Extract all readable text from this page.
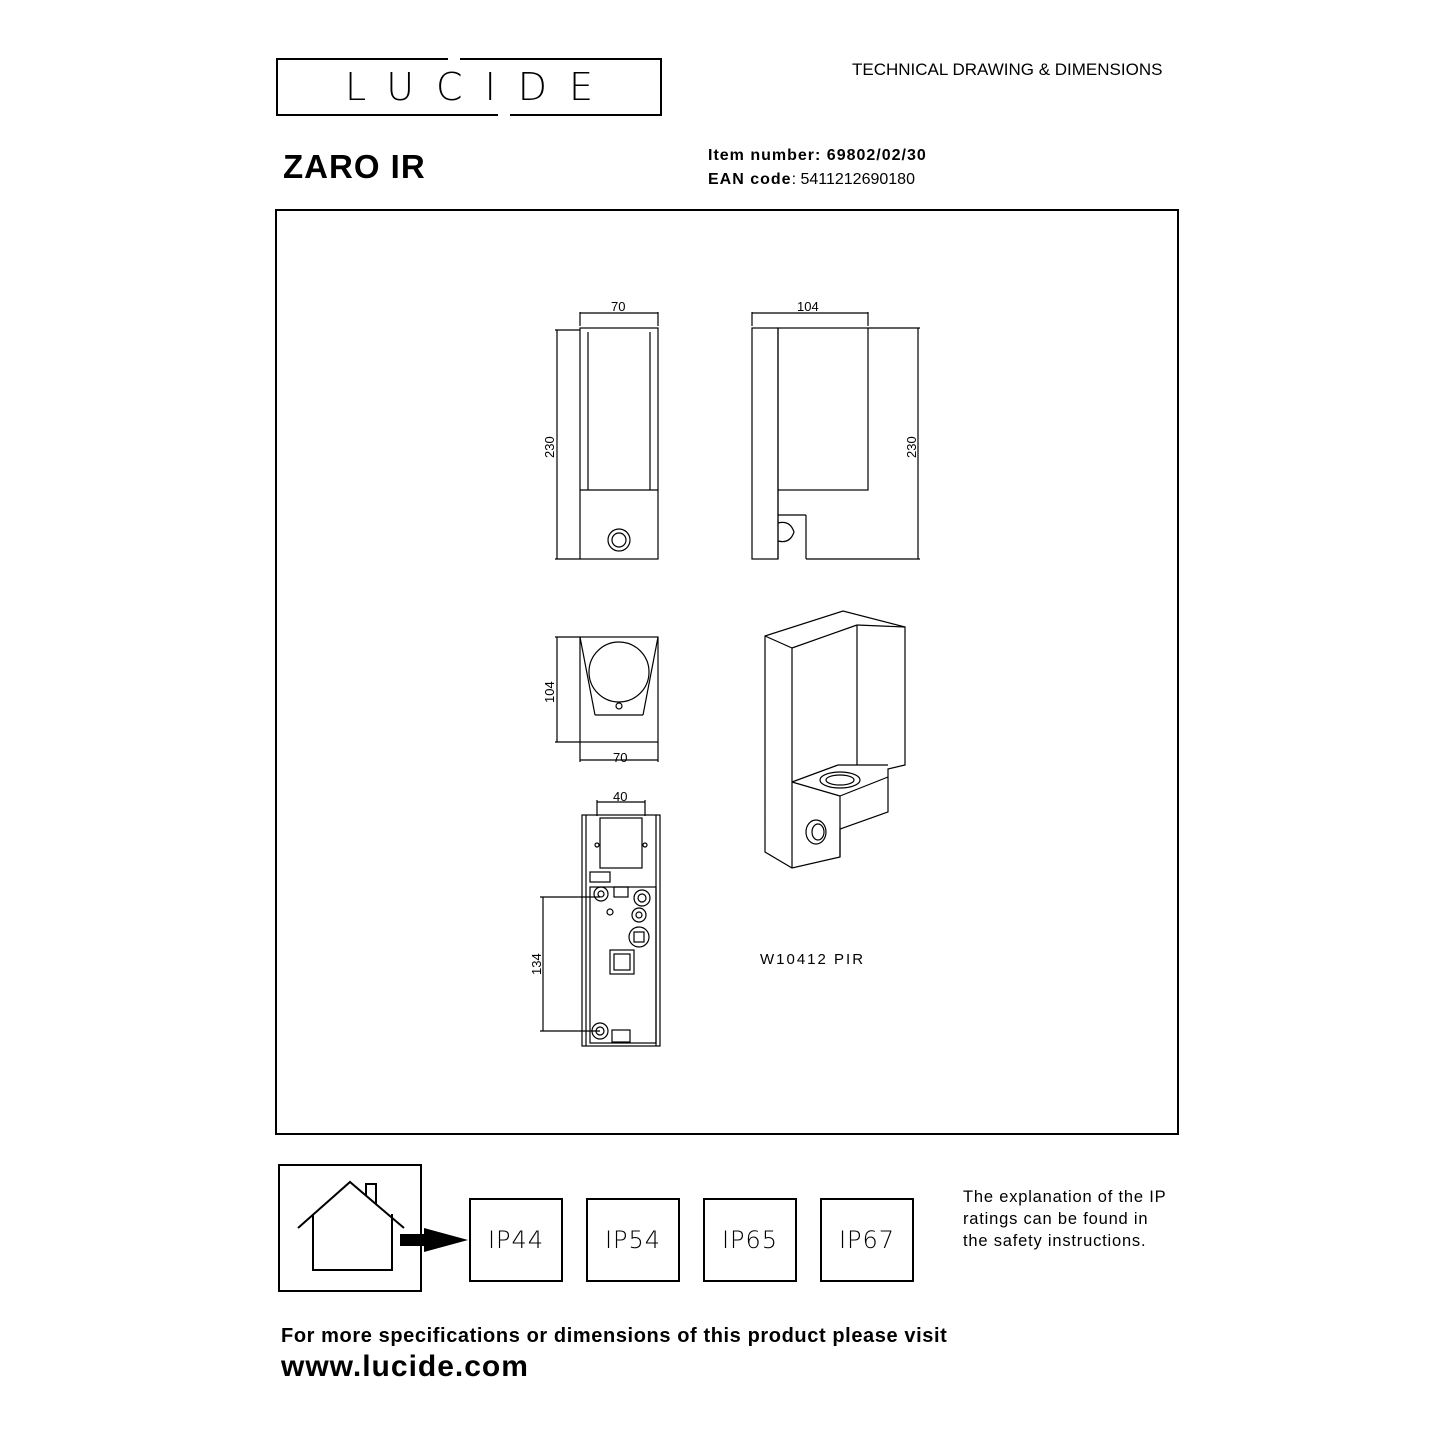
LUCIDE	TECHNICAL DRAWING & DIMENSIONS
ZARO IR	Item number: 69802/02/30
EAN code: 5411212690180
70
230
104
230
104
70
40
134	W10412 PIR
IP44	IP54	IP65	IP67
The explanation of the IP ratings can be found in the safety instructions.
For more specifications or dimensions of this product please visit
www.lucide.com
